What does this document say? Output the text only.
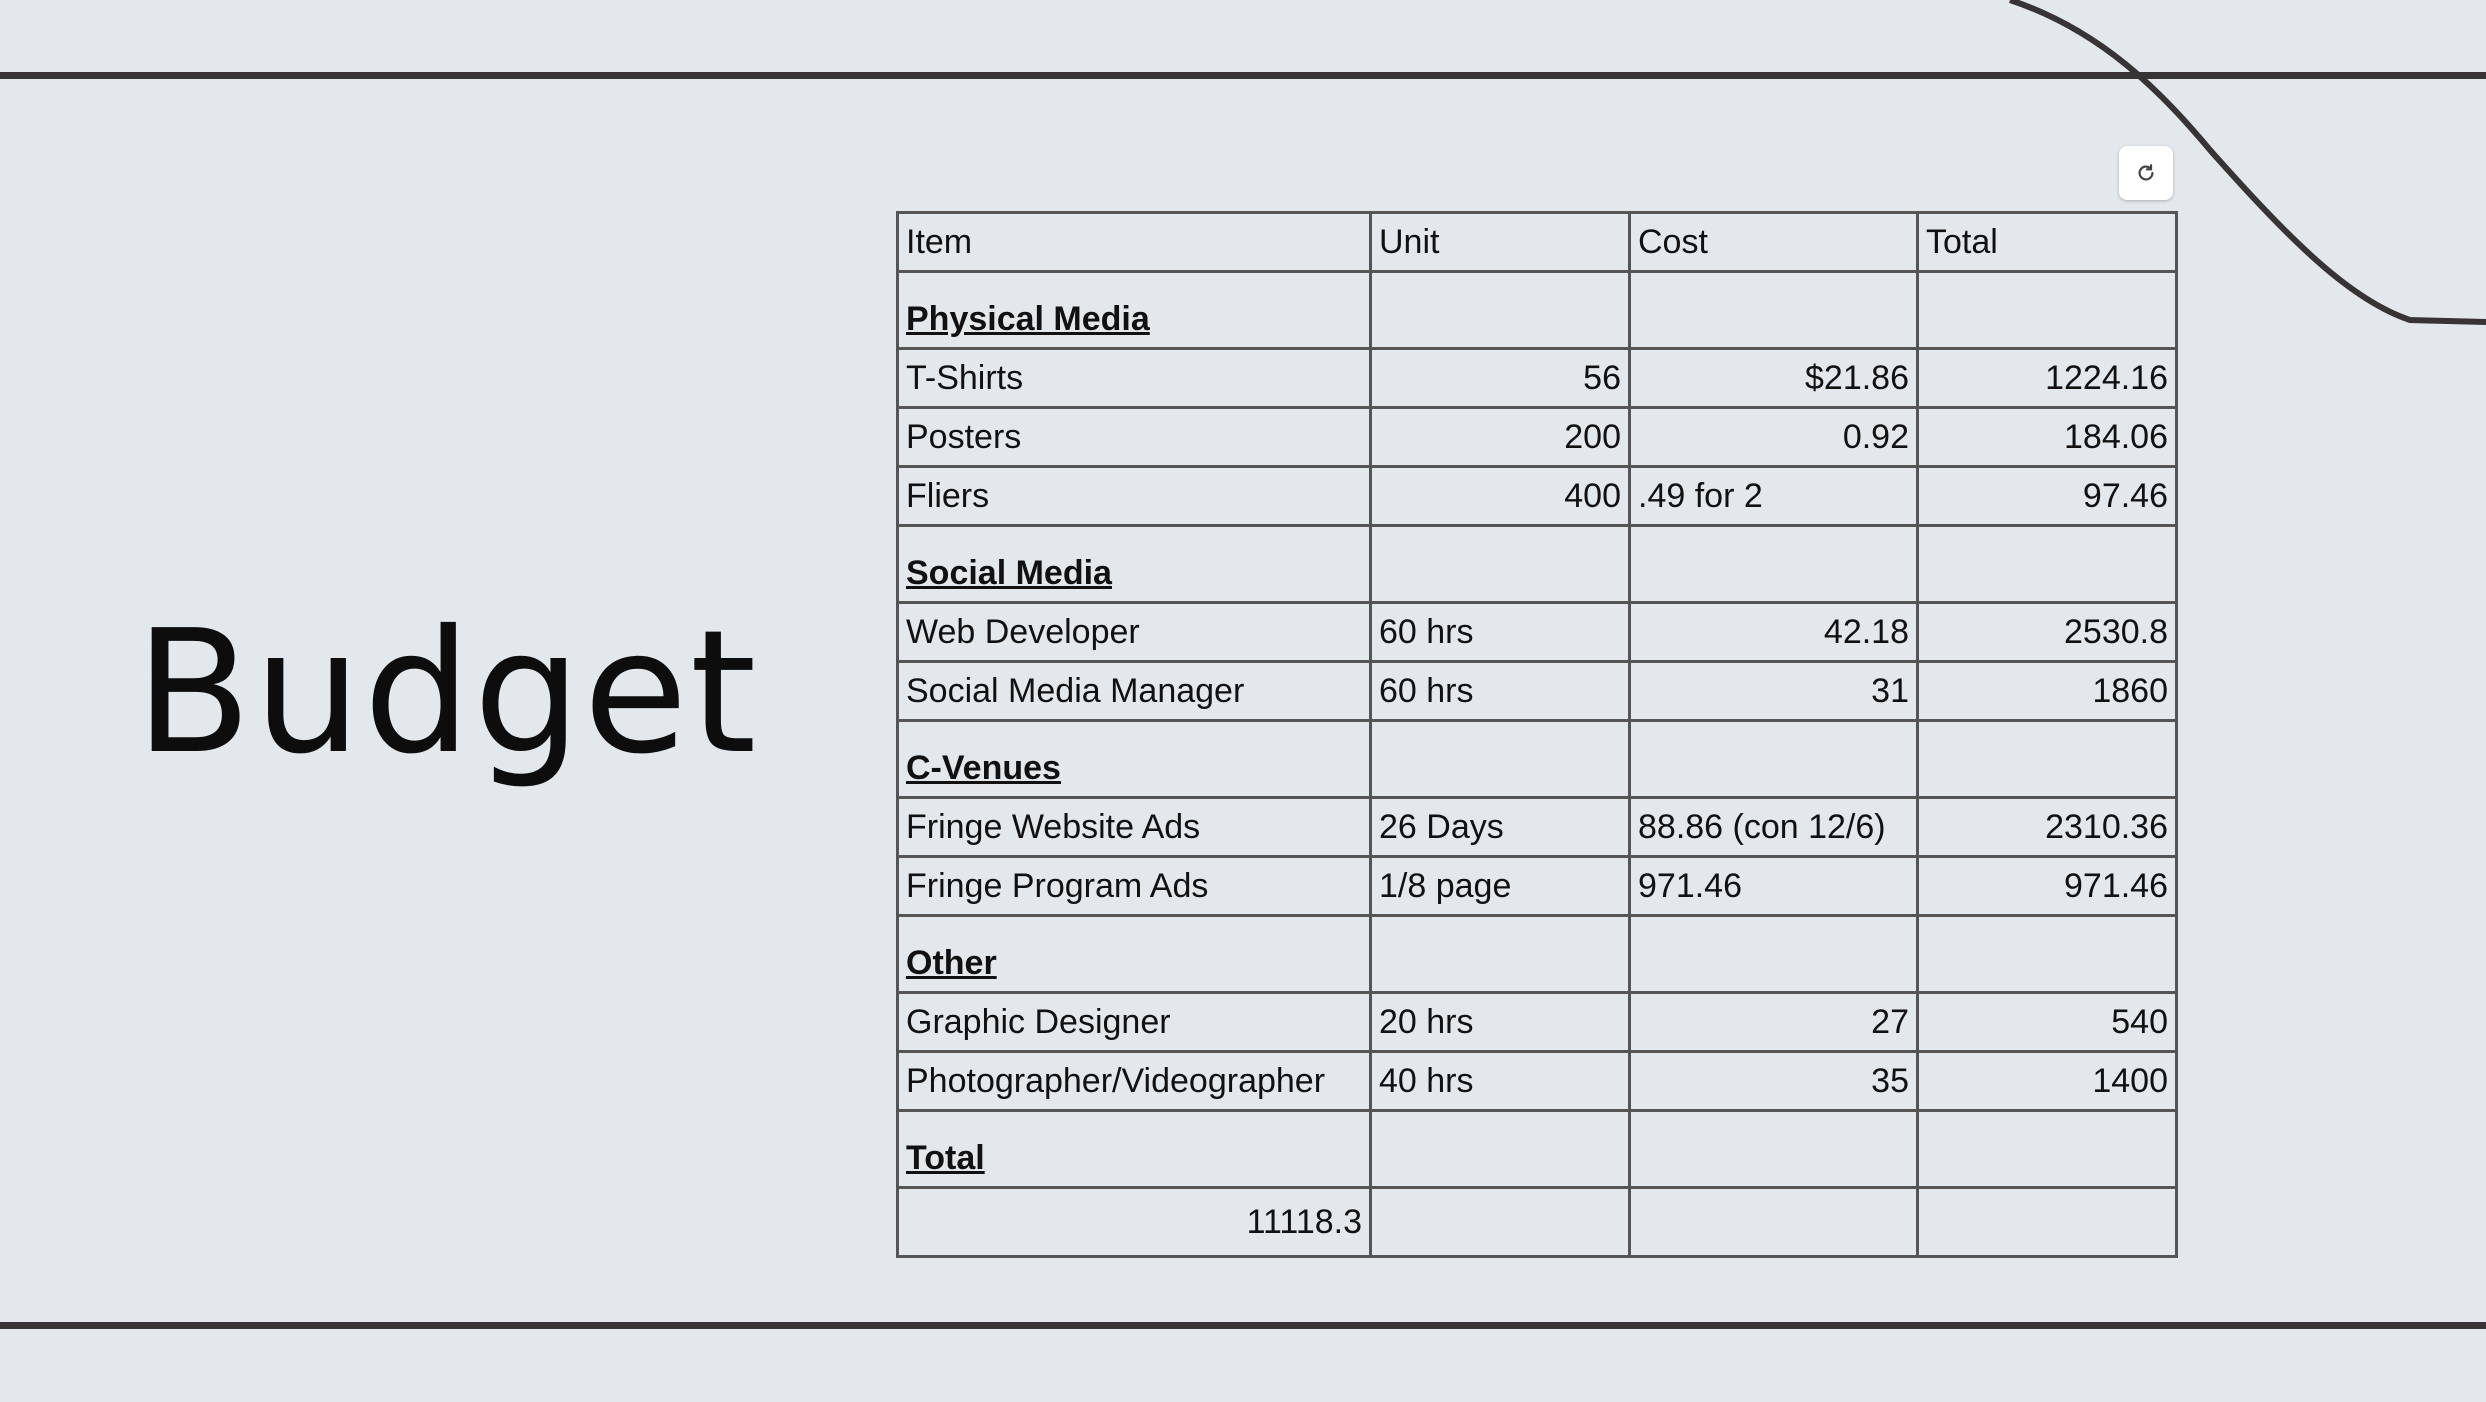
Budget
Item	Unit	Cost	Total
Physical Media			
T-Shirts	56	$21.86	1224.16
Posters	200	0.92	184.06
Fliers	400	.49 for 2	97.46
Social Media			
Web Developer	60 hrs	42.18	2530.8
Social Media Manager	60 hrs	31	1860
C-Venues			
Fringe Website Ads	26 Days	88.86 (con 12/6)	2310.36
Fringe Program Ads	1/8 page	971.46	971.46
Other			
Graphic Designer	20 hrs	27	540
Photographer/Videographer	40 hrs	35	1400
Total			
11118.3			
